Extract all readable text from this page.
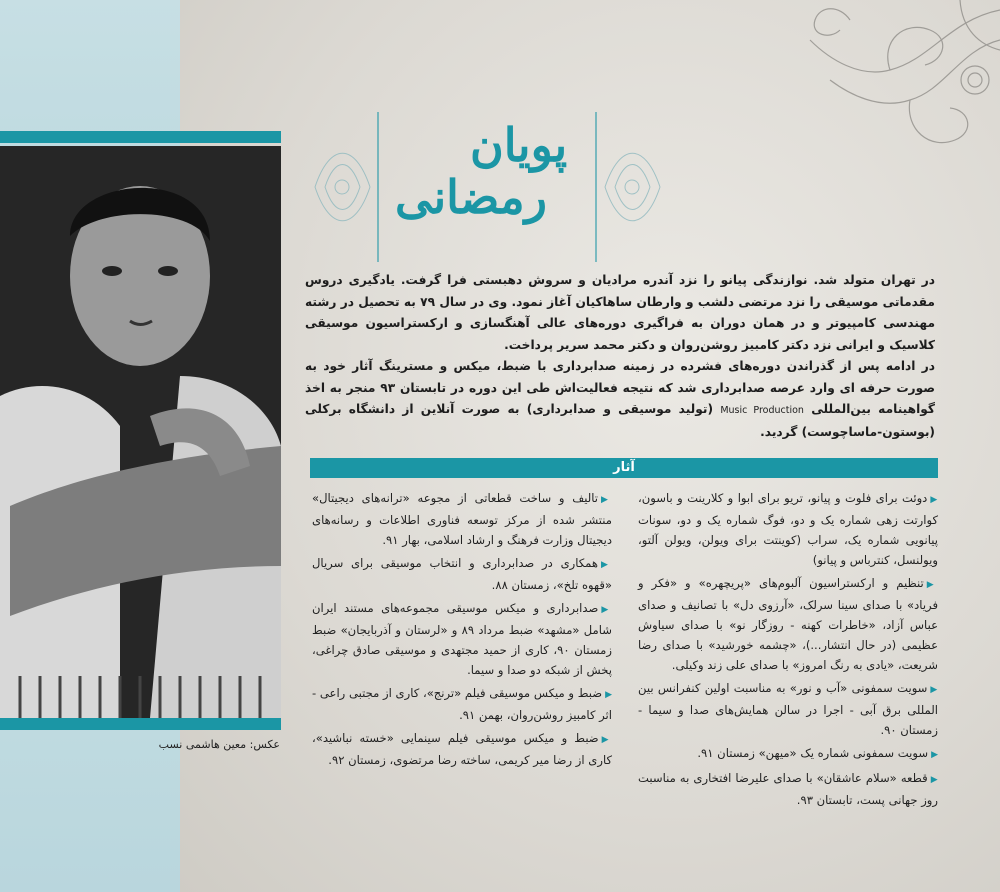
پویان
رمضانی
عکس: معین هاشمی نسب

در تهران متولد شد. نوازندگی پیانو را نزد آندره مرادیان و سروش دهبستی فرا گرفت. یادگیری دروس مقدماتی موسیقی را نزد مرتضی دلشب و وارطان ساهاکیان آغاز نمود. وی در سال ۷۹ به تحصیل در رشته مهندسی کامپیوتر و در همان دوران به فراگیری دوره‌های عالی آهنگسازی و ارکستراسیون موسیقی کلاسیک و ایرانی نزد دکتر کامبیز روشن‌روان و دکتر محمد سریر پرداخت.

در ادامه پس از گذراندن دوره‌های فشرده در زمینه صدابرداری با ضبط، میکس و مسترینگ آثار خود به صورت حرفه ای وارد عرصه صدابرداری شد که نتیجه فعالیت‌اش طی این دوره در تابستان ۹۳ منجر به اخذ گواهینامه بین‌المللی Music Production (تولید موسیقی و صدابرداری) به صورت آنلاین از دانشگاه برکلی (بوستون-ماساچوست) گردید.

آثار

▶دوئت برای فلوت و پیانو، تریو برای ابوا و کلارینت و باسون، کوارتت زهی شماره یک و دو، فوگ شماره یک و دو، سونات پیانویی شماره یک، سراب (کوینتت برای ویولن، ویولن آلتو، ویولنسل، کنترباس و پیانو)

▶تنظیم و ارکستراسیون آلبوم‌های «پریچهره» و «فکر و فریاد» با صدای سینا سرلک، «آرزوی دل» با تصانیف و صدای عباس آزاد، «خاطرات کهنه - روزگار نو» با صدای سیاوش عظیمی (در حال انتشار...)، «چشمه خورشید» با صدای رضا شریعت، «یادی به رنگ امروز» با صدای علی زند وکیلی.

▶سویت سمفونی «آب و نور» به مناسبت اولین کنفرانس بین المللی برق آبی - اجرا در سالن همایش‌های صدا و سیما - زمستان ۹۰.

▶سویت سمفونی شماره یک «میهن» زمستان ۹۱.

▶قطعه «سلام عاشقان» با صدای علیرضا افتخاری به مناسبت روز جهانی پست، تابستان ۹۳.

▶تالیف و ساخت قطعاتی از مجوعه «ترانه‌های دیجیتال» منتشر شده از مرکز توسعه فناوری اطلاعات و رسانه‌های دیجیتال وزارت فرهنگ و ارشاد اسلامی، بهار ۹۱.

▶همکاری در صدابرداری و انتخاب موسیقی برای سریال «قهوه تلخ»، زمستان ۸۸.

▶صدابرداری و میکس موسیقی مجموعه‌های مستند ایران شامل «مشهد» ضبط مرداد ۸۹ و «لرستان و آذربایجان» ضبط زمستان ۹۰، کاری از حمید مجتهدی و موسیقی صادق چراغی، پخش از شبکه دو صدا و سیما.

▶ضبط و میکس موسیقی فیلم «ترنج»، کاری از مجتبی راعی - اثر کامبیز روشن‌روان، بهمن ۹۱.

▶ضبط و میکس موسیقی فیلم سینمایی «خسته نباشید»، کاری از رضا میر کریمی، ساخته رضا مرتضوی، زمستان ۹۲.
